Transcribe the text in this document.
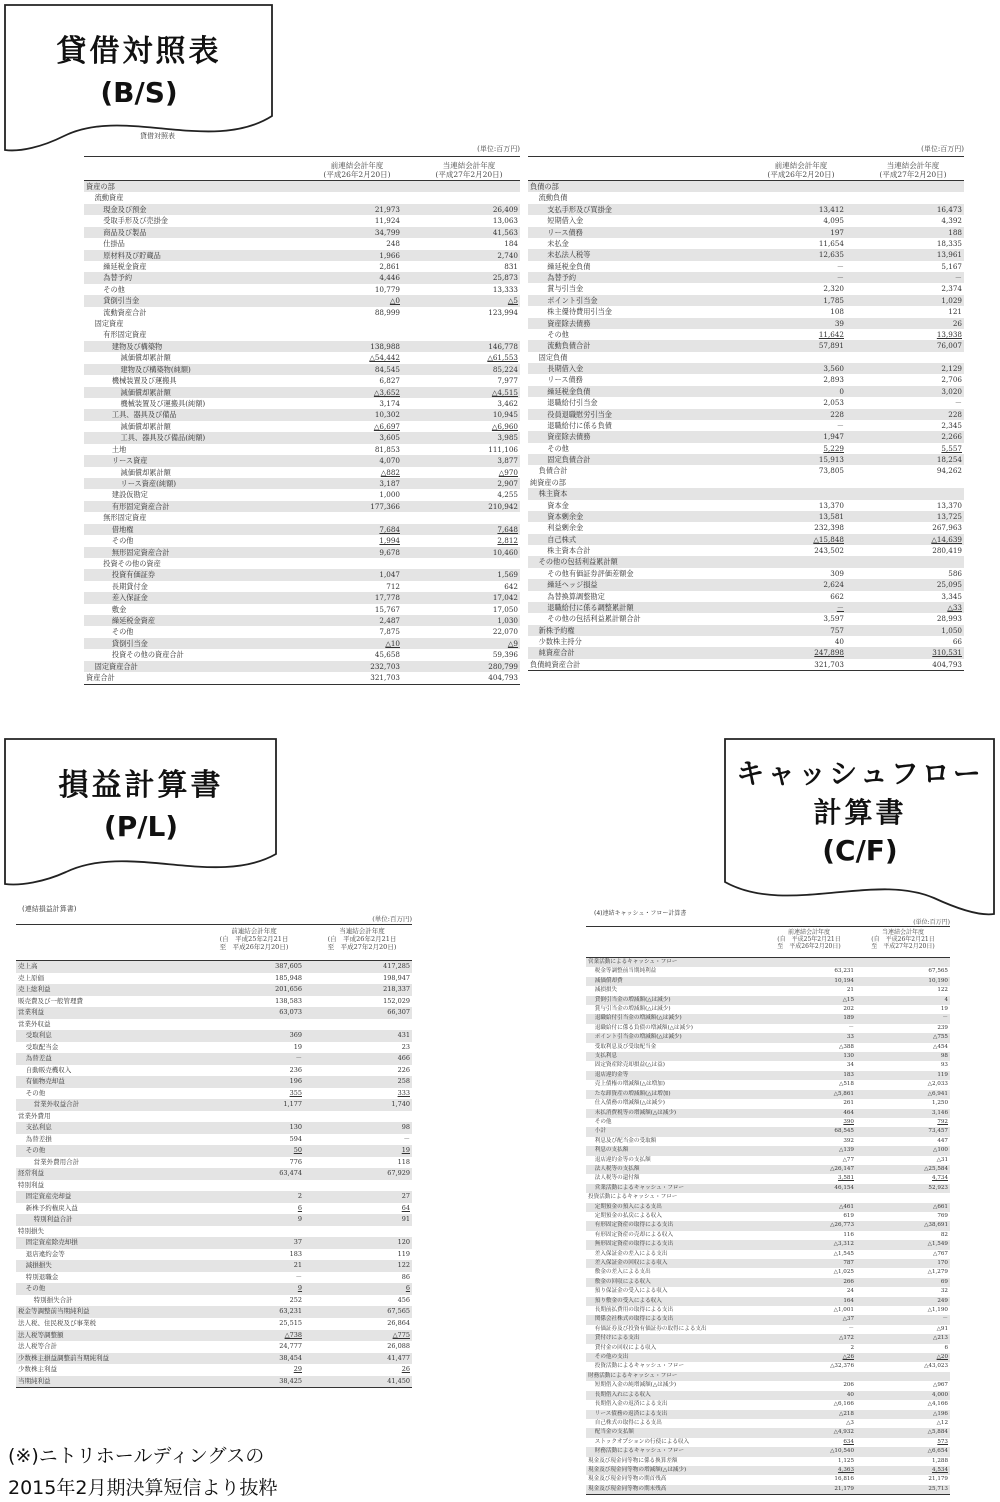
貸借対照表
(B/S)
貸借対照表
(単位:百万円)
前連結会計年度
(平成26年2月20日)
当連結会計年度
(平成27年2月20日)
資産の部
流動資産
現金及び預金	21,973	26,409
受取手形及び売掛金	11,924	13,063
商品及び製品	34,799	41,563
仕掛品	248	184
原材料及び貯蔵品	1,966	2,740
繰延税金資産	2,861	831
為替予約	4,446	25,873
その他	10,779	13,333
貸倒引当金	△0	△5
流動資産合計	88,999	123,994
固定資産
有形固定資産
建物及び構築物	138,988	146,778
減価償却累計額	△54,442	△61,553
建物及び構築物(純額)	84,545	85,224
機械装置及び運搬具	6,827	7,977
減価償却累計額	△3,652	△4,515
機械装置及び運搬具(純額)	3,174	3,462
工具、器具及び備品	10,302	10,945
減価償却累計額	△6,697	△6,960
工具、器具及び備品(純額)	3,605	3,985
土地	81,853	111,106
リース資産	4,070	3,877
減価償却累計額	△882	△970
リース資産(純額)	3,187	2,907
建設仮勘定	1,000	4,255
有形固定資産合計	177,366	210,942
無形固定資産
借地権	7,684	7,648
その他	1,994	2,812
無形固定資産合計	9,678	10,460
投資その他の資産
投資有価証券	1,047	1,569
長期貸付金	712	642
差入保証金	17,778	17,042
敷金	15,767	17,050
繰延税金資産	2,487	1,030
その他	7,875	22,070
貸倒引当金	△10	△9
投資その他の資産合計	45,658	59,396
固定資産合計	232,703	280,799
資産合計	321,703	404,793
(単位:百万円)
前連結会計年度
(平成26年2月20日)
当連結会計年度
(平成27年2月20日)
負債の部
流動負債
支払手形及び買掛金	13,412	16,473
短期借入金	4,095	4,392
リース債務	197	188
未払金	11,654	18,335
未払法人税等	12,635	13,961
繰延税金負債	－	5,167
為替予約	－	－
賞与引当金	2,320	2,374
ポイント引当金	1,785	1,029
株主優待費用引当金	108	121
資産除去債務	39	26
その他	11,642	13,938
流動負債合計	57,891	76,007
固定負債
長期借入金	3,560	2,129
リース債務	2,893	2,706
繰延税金負債	0	3,020
退職給付引当金	2,053	－
役員退職慰労引当金	228	228
退職給付に係る負債	－	2,345
資産除去債務	1,947	2,266
その他	5,229	5,557
固定負債合計	15,913	18,254
負債合計	73,805	94,262
純資産の部
株主資本
資本金	13,370	13,370
資本剰余金	13,581	13,725
利益剰余金	232,398	267,963
自己株式	△15,848	△14,639
株主資本合計	243,502	280,419
その他の包括利益累計額
その他有価証券評価差額金	309	586
繰延ヘッジ損益	2,624	25,095
為替換算調整勘定	662	3,345
退職給付に係る調整累計額	－	△33
その他の包括利益累計額合計	3,597	28,993
新株予約権	757	1,050
少数株主持分	40	66
純資産合計	247,898	310,531
負債純資産合計	321,703	404,793
損益計算書
(P/L)
キャッシュフロー
計算書
(C/F)
(連結損益計算書)
(単位:百万円)
前連結会計年度
(自　平成25年2月21日
至　平成26年2月20日)
当連結会計年度
(自　平成26年2月21日
至　平成27年2月20日)
売上高	387,605	417,285
売上原価	185,948	198,947
売上総利益	201,656	218,337
販売費及び一般管理費	138,583	152,029
営業利益	63,073	66,307
営業外収益
受取利息	369	431
受取配当金	19	23
為替差益	－	466
自動販売機収入	236	226
有価物売却益	196	258
その他	355	333
営業外収益合計	1,177	1,740
営業外費用
支払利息	130	98
為替差損	594	－
その他	50	19
営業外費用合計	776	118
経常利益	63,474	67,929
特別利益
固定資産売却益	2	27
新株予約権戻入益	6	64
特別利益合計	9	91
特別損失
固定資産除売却損	37	120
退店違約金等	183	119
減損損失	21	122
特別退職金	－	86
その他	9	6
特別損失合計	252	456
税金等調整前当期純利益	63,231	67,565
法人税、住民税及び事業税	25,515	26,864
法人税等調整額	△738	△775
法人税等合計	24,777	26,088
少数株主損益調整前当期純利益	38,454	41,477
少数株主利益	29	26
当期純利益	38,425	41,450
(4)連結キャッシュ・フロー計算書
(単位:百万円)
前連結会計年度
(自　平成25年2月21日
至　平成26年2月20日)
当連結会計年度
(自　平成26年2月21日
至　平成27年2月20日)
営業活動によるキャッシュ・フロー
税金等調整前当期純利益	63,231	67,565
減価償却費	10,194	10,190
減損損失	21	122
貸倒引当金の増減額(△は減少)	△15	4
賞与引当金の増減額(△は減少)	202	19
退職給付引当金の増減額(△は減少)	189	－
退職給付に係る負債の増減額(△は減少)	－	239
ポイント引当金の増減額(△は減少)	33	△755
受取利息及び受取配当金	△388	△454
支払利息	130	98
固定資産除売却損益(△は益)	34	93
退店違約金等	183	119
売上債権の増減額(△は増加)	△518	△2,033
たな卸資産の増減額(△は増加)	△5,861	△6,941
仕入債務の増減額(△は減少)	261	1,250
未払消費税等の増減額(△は減少)	464	3,146
その他	390	792
小計	68,545	73,457
利息及び配当金の受取額	392	447
利息の支払額	△139	△100
退店違約金等の支払額	△77	△31
法人税等の支払額	△26,147	△25,584
法人税等の還付額	3,581	4,734
営業活動によるキャッシュ・フロー	46,154	52,923
投資活動によるキャッシュ・フロー
定期預金の預入による支出	△461	△661
定期預金の払戻による収入	619	769
有形固定資産の取得による支出	△26,773	△38,691
有形固定資産の売却による収入	116	82
無形固定資産の取得による支出	△3,312	△1,549
差入保証金の差入による支出	△1,545	△767
差入保証金の回収による収入	787	170
敷金の差入による支出	△1,025	△1,279
敷金の回収による収入	266	69
預り保証金の受入による収入	24	32
預り敷金の受入による収入	164	249
長期前払費用の取得による支出	△1,001	△1,190
関係会社株式の取得による支出	△37	－
有価証券及び投資有価証券の取得による支出	－	△91
貸付けによる支出	△172	△213
貸付金の回収による収入	2	6
その他の支出	△26	△20
投資活動によるキャッシュ・フロー	△32,376	△43,023
財務活動によるキャッシュ・フロー
短期借入金の純増減額(△は減少)	206	△967
長期借入れによる収入	40	4,000
長期借入金の返済による支出	△6,166	△4,166
リース債務の返済による支出	△218	△196
自己株式の取得による支出	△3	△12
配当金の支払額	△4,932	△5,884
ストックオプションの行使による収入	634	573
財務活動によるキャッシュ・フロー	△10,540	△6,654
現金及び現金同等物に係る換算差額	1,125	1,288
現金及び現金同等物の増減額(△は減少)	4,363	4,534
現金及び現金同等物の期首残高	16,816	21,179
現金及び現金同等物の期末残高	21,179	25,713
(※)ニトリホールディングスの
2015年2月期決算短信より抜粋
